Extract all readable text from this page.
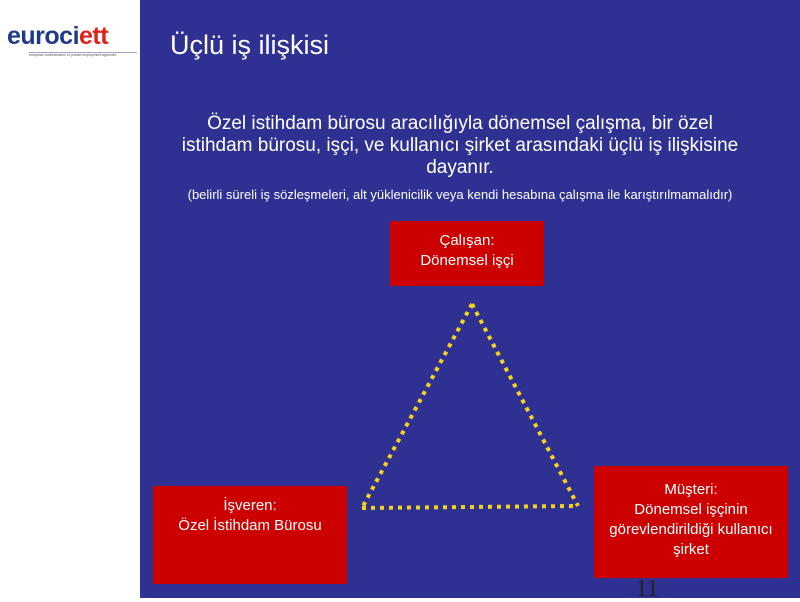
eurociett
european confederation of private employment agencies	Üçlü iş ilişkisi
Özel istihdam bürosu aracılığıyla dönemsel çalışma, bir özel istihdam bürosu, işçi, ve kullanıcı şirket arasındaki üçlü iş ilişkisine dayanır.
(belirli süreli iş sözleşmeleri, alt yüklenicilik veya kendi hesabına çalışma ile karıştırılmamalıdır)
Çalışan:
Dönemsel işçi
İşveren:
Özel İstihdam Bürosu
Müşteri:
Dönemsel işçinin görevlendirildiği kullanıcı şirket
11
